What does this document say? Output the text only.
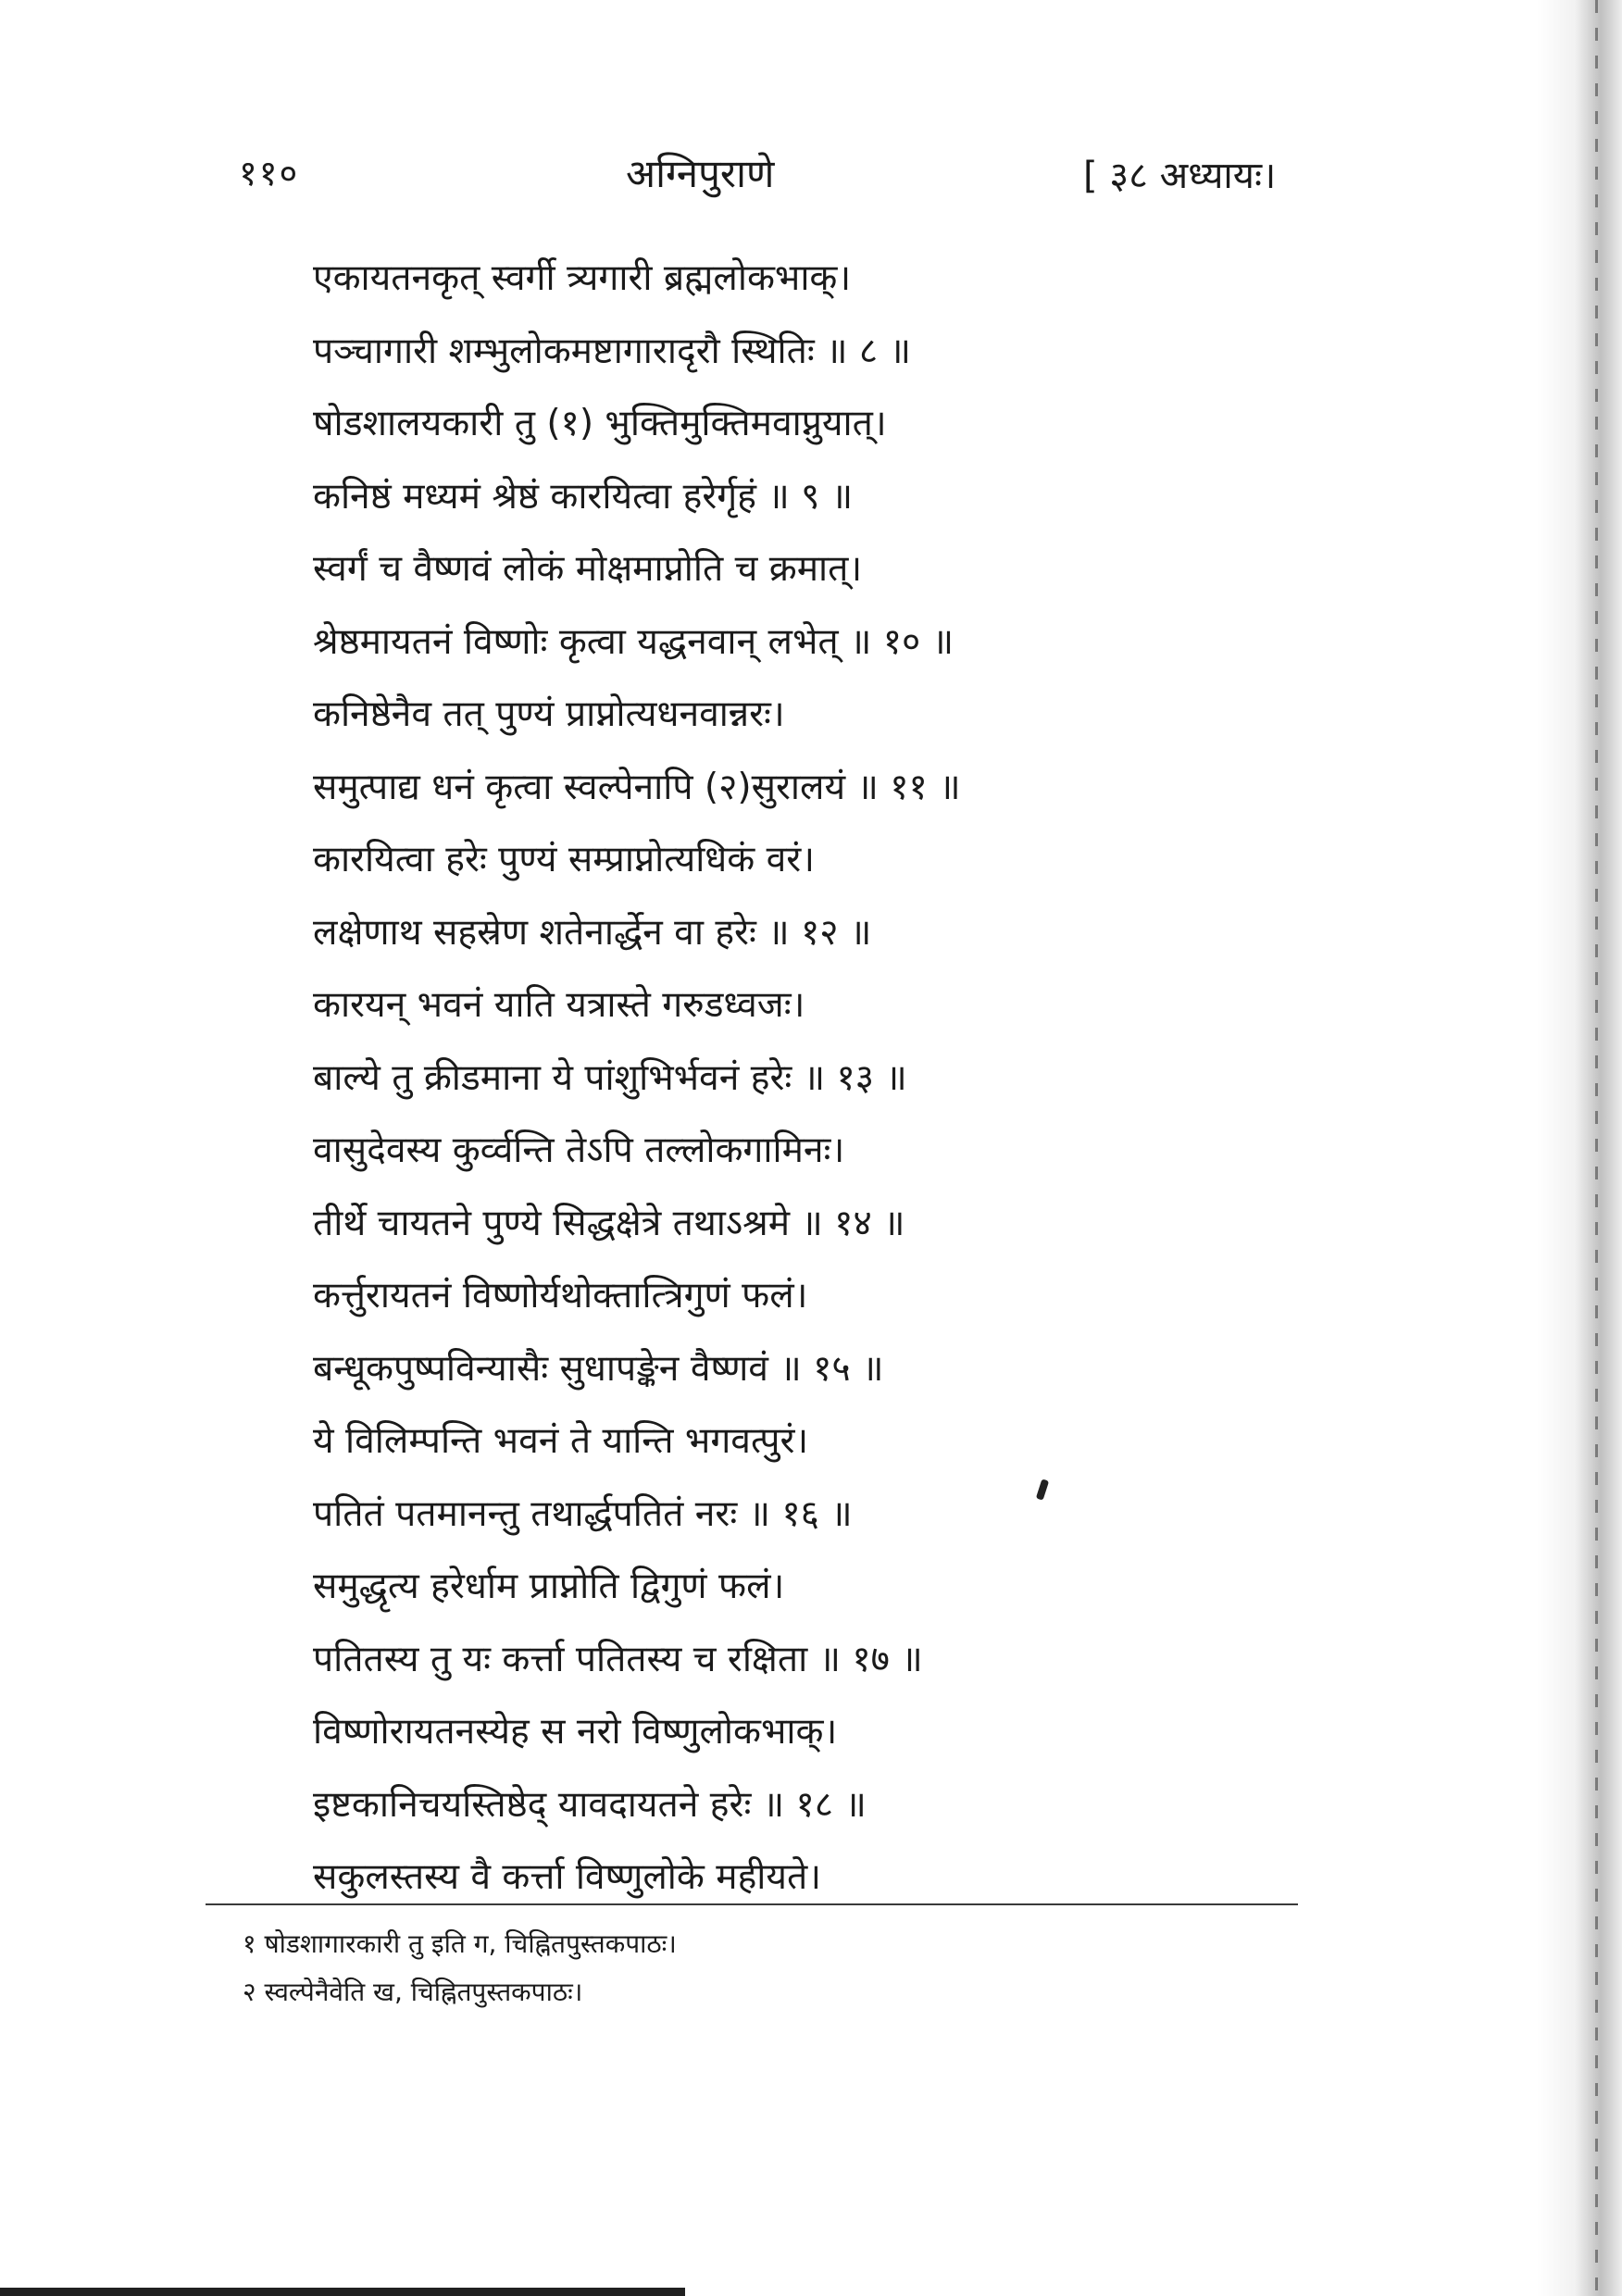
११०	अग्निपुराणे	[ ३८ अध्यायः।
एकायतनकृत् स्वर्गी त्र्यगारी ब्रह्मलोकभाक्।
पञ्चागारी शम्भुलोकमष्टागारादृरौ स्थितिः ॥ ८ ॥
षोडशालयकारी तु (१) भुक्तिमुक्तिमवाप्नुयात्।
कनिष्ठं मध्यमं श्रेष्ठं कारयित्वा हरेर्गृहं ॥ ९ ॥
स्वर्गं च वैष्णवं लोकं मोक्षमाप्नोति च क्रमात्।
श्रेष्ठमायतनं विष्णोः कृत्वा यद्धनवान् लभेत् ॥ १० ॥
कनिष्ठेनैव तत् पुण्यं प्राप्नोत्यधनवान्नरः।
समुत्पाद्य धनं कृत्वा स्वल्पेनापि (२)सुरालयं ॥ ११ ॥
कारयित्वा हरेः पुण्यं सम्प्राप्नोत्यधिकं वरं।
लक्षेणाथ सहस्रेण शतेनार्द्धेन वा हरेः ॥ १२ ॥
कारयन् भवनं याति यत्रास्ते गरुडध्वजः।
बाल्ये तु क्रीडमाना ये पांशुभिर्भवनं हरेः ॥ १३ ॥
वासुदेवस्य कुर्व्वन्ति तेऽपि तल्लोकगामिनः।
तीर्थे चायतने पुण्ये सिद्धक्षेत्रे तथाऽश्रमे ॥ १४ ॥
कर्त्तुरायतनं विष्णोर्यथोक्तात्त्रिगुणं फलं।
बन्धूकपुष्पविन्यासैः सुधापङ्केन वैष्णवं ॥ १५ ॥
ये विलिम्पन्ति भवनं ते यान्ति भगवत्पुरं।
पतितं पतमानन्तु तथार्द्धपतितं नरः ॥ १६ ॥
समुद्धृत्य हरेर्धाम प्राप्नोति द्विगुणं फलं।
पतितस्य तु यः कर्त्ता पतितस्य च रक्षिता ॥ १७ ॥
विष्णोरायतनस्येह स नरो विष्णुलोकभाक्।
इष्टकानिचयस्तिष्ठेद् यावदायतने हरेः ॥ १८ ॥
सकुलस्तस्य वै कर्त्ता विष्णुलोके महीयते।
१ षोडशागारकारी तु इति ग, चिह्नितपुस्तकपाठः।
२ स्वल्पेनैवेति ख, चिह्नितपुस्तकपाठः।
